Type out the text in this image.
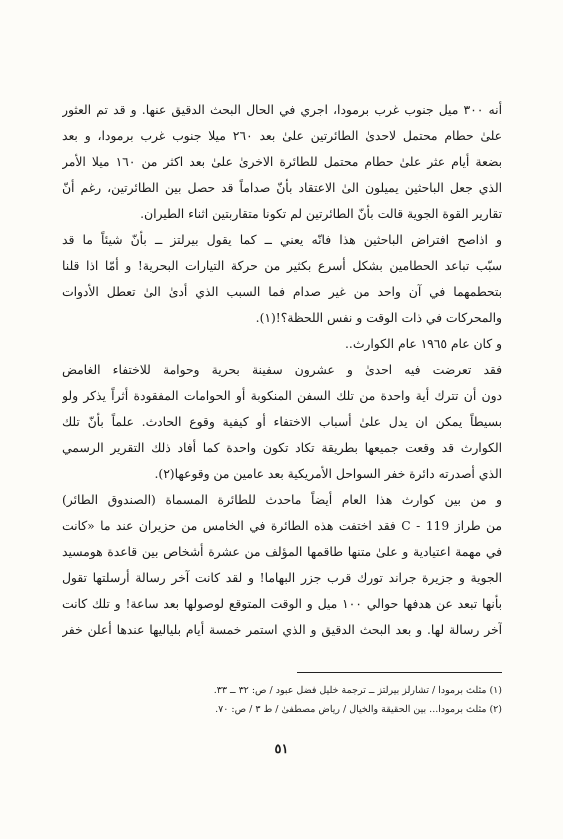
أنه ٣٠٠ ميل جنوب غرب برمودا، اجري في الحال البحث الدقيق عنها. و قد تم العثور
علىٰ حطام محتمل لاحدىٰ الطائرتين علىٰ بعد ٢٦٠ ميلا جنوب غرب برمودا، و بعد
بضعة أيام عثر علىٰ حطام محتمل للطائرة الاخرىٰ علىٰ بعد اكثر من ١٦٠ ميلا الأمر
الذي جعل الباحثين يميلون الىٰ الاعتقاد بأنّ صداماً قد حصل بين الطائرتين، رغم أنّ
تقارير القوة الجوية قالت بأنّ الطائرتين لم تكونا متقاربتين اثناء الطيران.
و اذاصح افتراض الباحثين هذا فانّه يعني ــ كما يقول بيرلتز ــ بأنّ شيئاً ما قد
سبّب تباعد الحطامين بشكل أسرع بكثير من حركة التيارات البحرية! و أمّا اذا قلنا
بتحطمهما في آن واحد من غير صدام فما السبب الذي أدىٰ الىٰ تعطل الأدوات
والمحركات في ذات الوقت و نفس اللحظة؟!(١).
و كان عام ١٩٦٥ عام الكوارث..
فقد تعرضت فيه احدىٰ و عشرون سفينة بحرية وحوامة للاختفاء الغامض
دون أن تترك أية واحدة من تلك السفن المنكوبة أو الحوامات المفقودة أثراً يذكر ولو
بسيطاً يمكن ان يدل علىٰ أسباب الاختفاء أو كيفية وقوع الحادث. علماً بأنّ تلك
الكوارث قد وقعت جميعها بطريقة تكاد تكون واحدة كما أفاد ذلك التقرير الرسمي
الذي أصدرته دائرة خفر السواحل الأمريكية بعد عامين من وقوعها(٢).
و من بين كوارث هذا العام أيضاً ماحدث للطائرة المسماة (الصندوق الطائر)
من طراز C - 119 فقد اختفت هذه الطائرة في الخامس من حزيران عند ما «كانت
في مهمة اعتيادية و علىٰ متنها طاقمها المؤلف من عشرة أشخاص بين قاعدة هومسيد
الجوية و جزيرة جراند تورك قرب جزر البهاما! و لقد كانت آخر رسالة أرسلتها تقول
بأنها تبعد عن هدفها حوالي ١٠٠ ميل و الوقت المتوقع لوصولها بعد ساعة! و تلك كانت
آخر رسالة لها. و بعد البحث الدقيق و الذي استمر خمسة أيام بلياليها عندها أعلن خفر
(١) مثلث برمودا / تشارلز بيرلتز ــ ترجمة خليل فضل عبود / ص: ٣٢ ــ ٣٣.
(٢) مثلث برمودا... بين الحقيقة والخيال / رياض مصطفىٰ / ط ٣ / ص: ٧٠.
٥١
